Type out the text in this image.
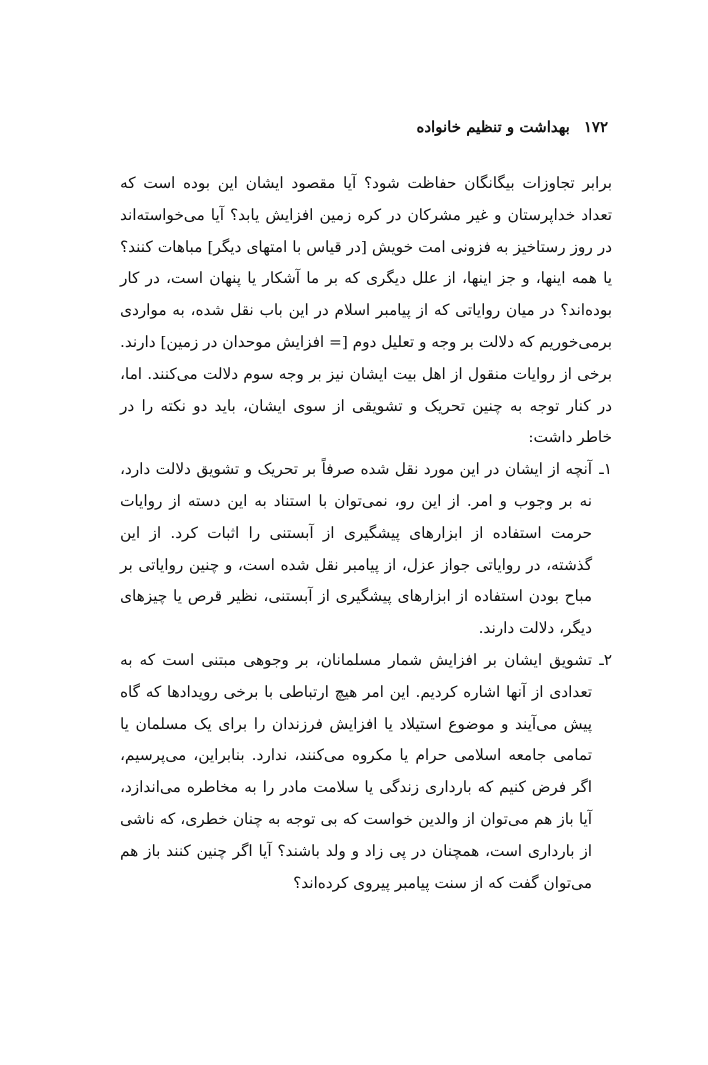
۱۷۲
بهداشت و تنظیم خانواده

برابر تجاوزات بیگانگان حفاظت شود؟ آیا مقصود ایشان این بوده است که تعداد خداپرستان و غیر مشرکان در کره زمین افزایش یابد؟ آیا می‌خواسته‌اند در روز رستاخیز به فزونی امت خویش [در قیاس با امتهای دیگر] مباهات کنند؟ یا همه اینها، و جز اینها، از علل دیگری که بر ما آشکار یا پنهان است، در کار بوده‌اند؟ در میان روایاتی که از پیامبر اسلام در این باب نقل شده، به مواردی برمی‌خوریم که دلالت بر وجه و تعلیل دوم [= افزایش موحدان در زمین] دارند. برخی از روایات منقول از اهل بیت ایشان نیز بر وجه سوم دلالت می‌کنند. اما، در کنار توجه به چنین تحریک و تشویقی از سوی ایشان، باید دو نکته را در خاطر داشت:

۱ـ

آنچه از ایشان در این مورد نقل شده صرفاً بر تحریک و تشویق دلالت دارد، نه بر وجوب و امر. از این رو، نمی‌توان با استناد به این دسته از روایات حرمت استفاده از ابزارهای پیشگیری از آبستنی را اثبات کرد. از این گذشته، در روایاتی جواز عزل، از پیامبر نقل شده است، و چنین روایاتی بر مباح بودن استفاده از ابزارهای پیشگیری از آبستنی، نظیر قرص یا چیزهای دیگر، دلالت دارند.

۲ـ

تشویق ایشان بر افزایش شمار مسلمانان، بر وجوهی مبتنی است که به تعدادی از آنها اشاره کردیم. این امر هیچ ارتباطی با برخی رویدادها که گاه پیش می‌آیند و موضوع استیلاد یا افزایش فرزندان را برای یک مسلمان یا تمامی جامعه اسلامی حرام یا مکروه می‌کنند، ندارد. بنابراین، می‌پرسیم، اگر فرض کنیم که بارداری زندگی یا سلامت مادر را به مخاطره می‌اندازد، آیا باز هم می‌توان از والدین خواست که بی توجه به چنان خطری، که ناشی از بارداری است، همچنان در پی زاد و ولد باشند؟ آیا اگر چنین کنند باز هم می‌توان گفت که از سنت پیامبر پیروی کرده‌اند؟
